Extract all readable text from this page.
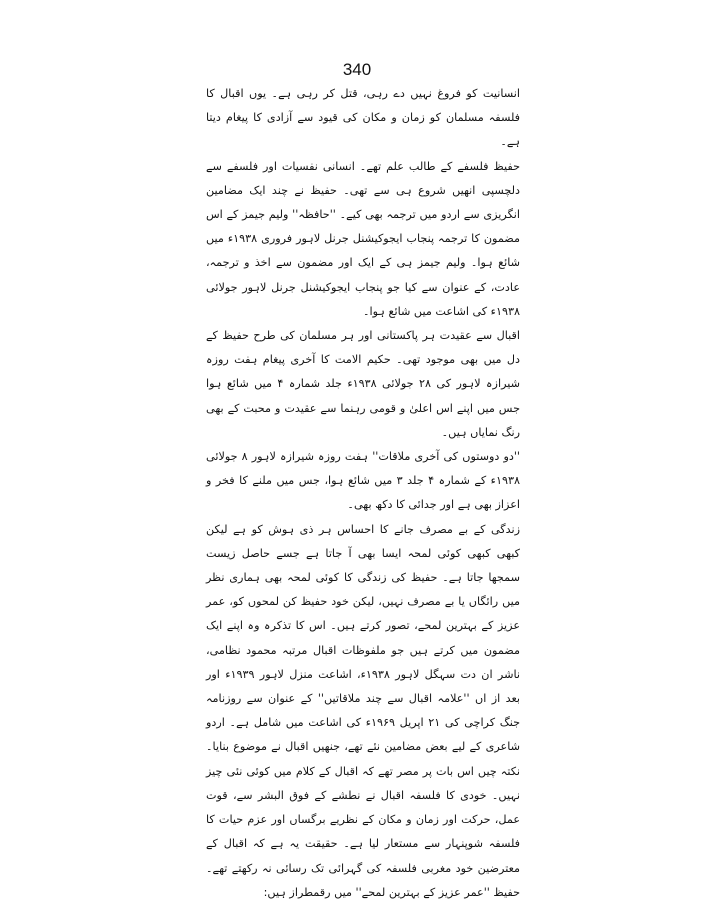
340

انسانیت کو فروغ نہیں دے رہی، قتل کر رہی ہے۔ یوں اقبال کا فلسفہ مسلمان کو زمان و مکان کی قیود سے آزادی کا پیغام دیتا ہے۔

حفیظ فلسفے کے طالب علم تھے۔ انسانی نفسیات اور فلسفے سے دلچسپی انھیں شروع ہی سے تھی۔ حفیظ نے چند ایک مضامین انگریزی سے اردو میں ترجمہ بھی کیے۔ ''حافظہ'' ولیم جیمز کے اس مضمون کا ترجمہ پنجاب ایجوکیشنل جرنل لاہور فروری ۱۹۳۸ء میں شائع ہوا۔ ولیم جیمز ہی کے ایک اور مضمون سے اخذ و ترجمہ، عادت، کے عنوان سے کیا جو پنجاب ایجوکیشنل جرنل لاہور جولائی ۱۹۳۸ء کی اشاعت میں شائع ہوا۔

اقبال سے عقیدت ہر پاکستانی اور ہر مسلمان کی طرح حفیظ کے دل میں بھی موجود تھی۔ حکیم الامت کا آخری پیغام ہفت روزہ شیرازہ لاہور کی ۲۸ جولائی ۱۹۳۸ء جلد شمارہ ۴ میں شائع ہوا جس میں اپنے اس اعلیٰ و قومی رہنما سے عقیدت و محبت کے بھی رنگ نمایاں ہیں۔

''دو دوستوں کی آخری ملاقات'' ہفت روزہ شیرازہ لاہور ۸ جولائی ۱۹۳۸ء کے شمارہ ۴ جلد ۳ میں شائع ہوا، جس میں ملنے کا فخر و اعزاز بھی ہے اور جدائی کا دکھ بھی۔

زندگی کے بے مصرف جانے کا احساس ہر ذی ہوش کو ہے لیکن کبھی کبھی کوئی لمحہ ایسا بھی آ جاتا ہے جسے حاصل زیست سمجھا جاتا ہے۔ حفیظ کی زندگی کا کوئی لمحہ بھی ہماری نظر میں رائگاں یا بے مصرف نہیں، لیکن خود حفیظ کن لمحوں کو، عمر عزیز کے بہترین لمحے، تصور کرتے ہیں۔ اس کا تذکرہ وہ اپنے ایک مضمون میں کرتے ہیں جو ملفوظات اقبال مرتبہ محمود نظامی، ناشر ان دت سہگل لاہور ۱۹۳۸ء، اشاعت منزل لاہور ۱۹۳۹ء اور بعد از اں ''علامہ اقبال سے چند ملاقاتیں'' کے عنوان سے روزنامہ جنگ کراچی کی ۲۱ اپریل ۱۹۶۹ء کی اشاعت میں شامل ہے۔ اردو شاعری کے لیے بعض مضامین نئے تھے، جنھیں اقبال نے موضوع بنایا۔ نکتہ چیں اس بات پر مصر تھے کہ اقبال کے کلام میں کوئی نئی چیز نہیں۔ خودی کا فلسفہ اقبال نے نطشے کے فوق البشر سے، قوت عمل، حرکت اور زمان و مکان کے نظریے برگساں اور عزم حیات کا فلسفہ شوپنہار سے مستعار لیا ہے۔ حقیقت یہ ہے کہ اقبال کے معترضین خود مغربی فلسفہ کی گہرائی تک رسائی نہ رکھتے تھے۔ حفیظ ''عمر عزیز کے بہترین لمحے'' میں رقمطراز ہیں:
